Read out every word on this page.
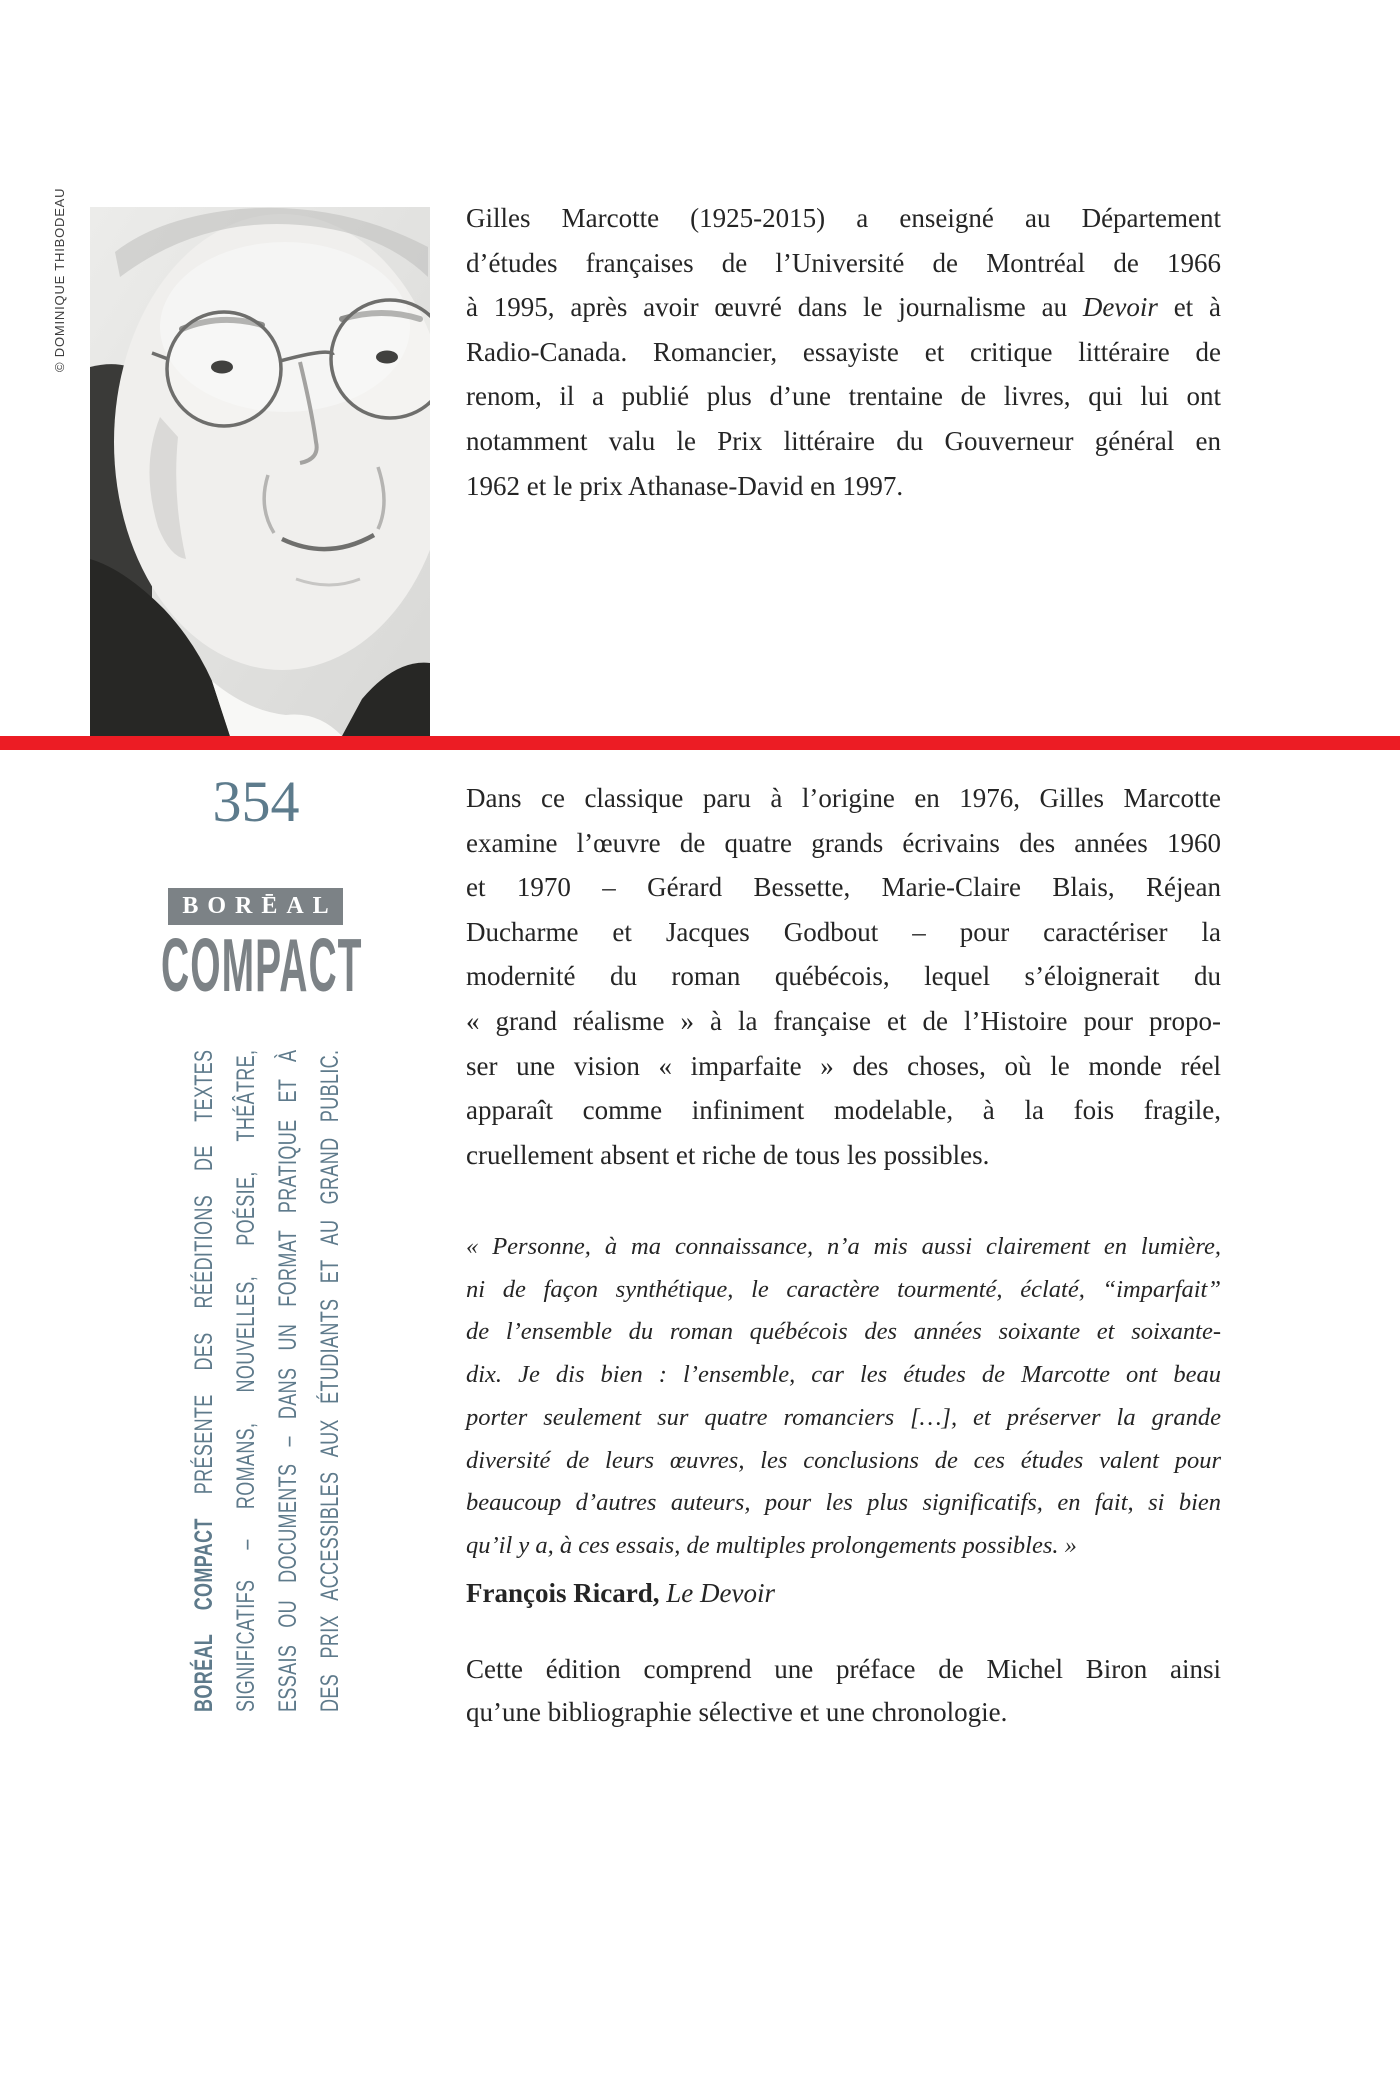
© DOMINIQUE THIBODEAU	Gilles Marcotte (1925-2015) a enseigné au Département
d’études françaises de l’Université de Montréal de 1966
à 1995, après avoir œuvré dans le journalisme au Devoir et à
Radio-Canada. Romancier, essayiste et critique littéraire de
renom, il a publié plus d’une trentaine de livres, qui lui ont
notamment valu le Prix littéraire du Gouverneur général en
1962 et le prix Athanase-David en 1997.
354
BORĒAL
COMPACT
BORÉAL COMPACT PRÉSENTE DES RÉÉDITIONS DE TEXTES SIGNIFICATIFS – ROMANS, NOUVELLES, POÉSIE, THÉÂTRE, ESSAIS OU DOCUMENTS – DANS UN FORMAT PRATIQUE ET À DES PRIX ACCESSIBLES AUX ÉTUDIANTS ET AU GRAND PUBLIC.
Dans ce classique paru à l’origine en 1976, Gilles Marcotte
examine l’œuvre de quatre grands écrivains des années 1960
et 1970 – Gérard Bessette, Marie-Claire Blais, Réjean
Ducharme et Jacques Godbout – pour caractériser la
modernité du roman québécois, lequel s’éloignerait du
« grand réalisme » à la française et de l’Histoire pour propo-
ser une vision « imparfaite » des choses, où le monde réel
apparaît comme infiniment modelable, à la fois fragile,
cruellement absent et riche de tous les possibles.
« Personne, à ma connaissance, n’a mis aussi clairement en lumière,
ni de façon synthétique, le caractère tourmenté, éclaté, “imparfait”
de l’ensemble du roman québécois des années soixante et soixante-
dix. Je dis bien : l’ensemble, car les études de Marcotte ont beau
porter seulement sur quatre romanciers […], et préserver la grande
diversité de leurs œuvres, les conclusions de ces études valent pour
beaucoup d’autres auteurs, pour les plus significatifs, en fait, si bien
qu’il y a, à ces essais, de multiples prolongements possibles. »
François Ricard, Le Devoir
Cette édition comprend une préface de Michel Biron ainsi
qu’une bibliographie sélective et une chronologie.
